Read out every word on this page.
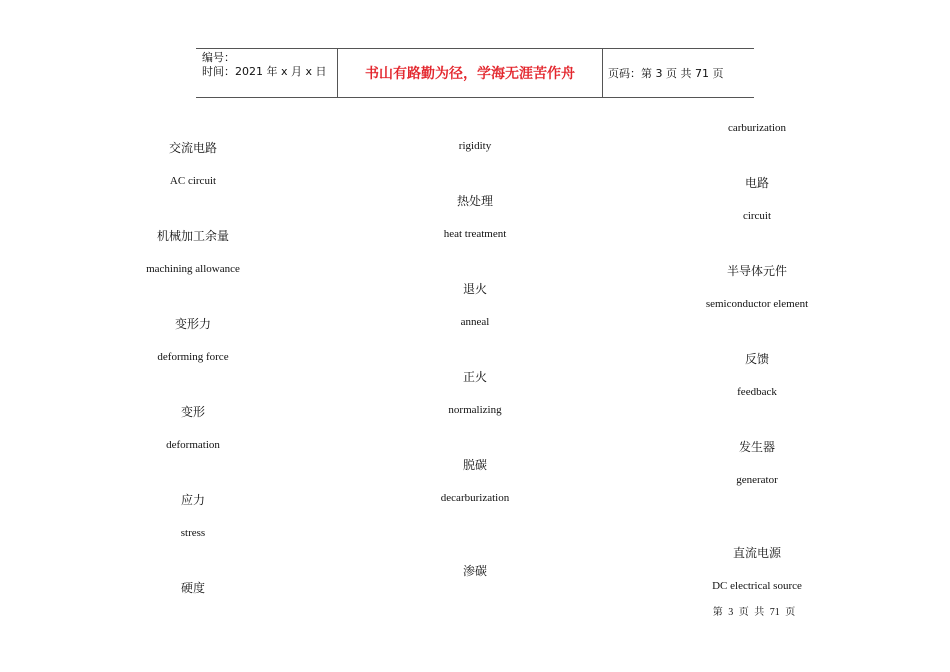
编号：
时间：2021 年 x 月 x 日	书山有路勤为径，学海无涯苦作舟	页码：第 3 页 共 71 页
交流电路
AC circuit
机械加工余量
machining allowance
变形力
deforming force
变形
deformation
应力
stress
硬度
rigidity
热处理
heat treatment
退火
anneal
正火
normalizing
脱碳
decarburization
渗碳
carburization
电路
circuit
半导体元件
semiconductor element
反馈
feedback
发生器
generator
直流电源
DC electrical source
第 3 页 共 71 页
